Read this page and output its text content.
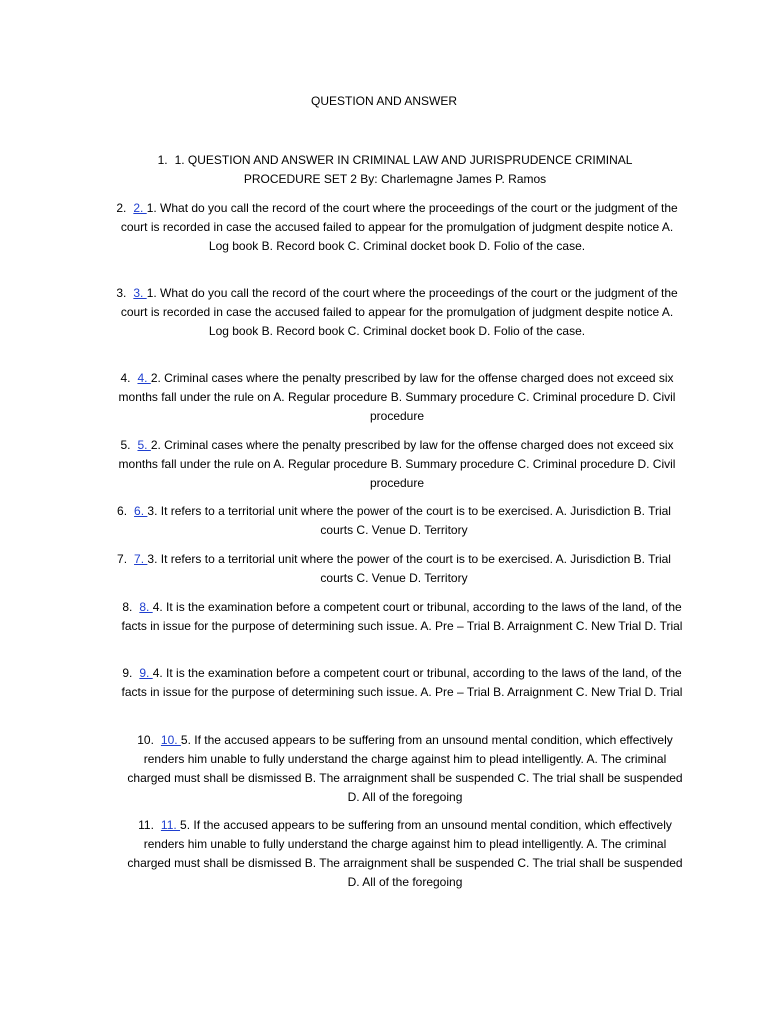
QUESTION AND ANSWER
1. 1. QUESTION AND ANSWER IN CRIMINAL LAW AND JURISPRUDENCE CRIMINAL PROCEDURE SET 2 By: Charlemagne James P. Ramos
2. 2. 1. What do you call the record of the court where the proceedings of the court or the judgment of the court is recorded in case the accused failed to appear for the promulgation of judgment despite notice A. Log book B. Record book C. Criminal docket book D. Folio of the case.
3. 3. 1. What do you call the record of the court where the proceedings of the court or the judgment of the court is recorded in case the accused failed to appear for the promulgation of judgment despite notice A. Log book B. Record book C. Criminal docket book D. Folio of the case.
4. 4. 2. Criminal cases where the penalty prescribed by law for the offense charged does not exceed six months fall under the rule on A. Regular procedure B. Summary procedure C. Criminal procedure D. Civil procedure
5. 5. 2. Criminal cases where the penalty prescribed by law for the offense charged does not exceed six months fall under the rule on A. Regular procedure B. Summary procedure C. Criminal procedure D. Civil procedure
6. 6. 3. It refers to a territorial unit where the power of the court is to be exercised. A. Jurisdiction B. Trial courts C. Venue D. Territory
7. 7. 3. It refers to a territorial unit where the power of the court is to be exercised. A. Jurisdiction B. Trial courts C. Venue D. Territory
8. 8. 4. It is the examination before a competent court or tribunal, according to the laws of the land, of the facts in issue for the purpose of determining such issue. A. Pre – Trial B. Arraignment C. New Trial D. Trial
9. 9. 4. It is the examination before a competent court or tribunal, according to the laws of the land, of the facts in issue for the purpose of determining such issue. A. Pre – Trial B. Arraignment C. New Trial D. Trial
10. 10. 5. If the accused appears to be suffering from an unsound mental condition, which effectively renders him unable to fully understand the charge against him to plead intelligently. A. The criminal charged must shall be dismissed B. The arraignment shall be suspended C. The trial shall be suspended D. All of the foregoing
11. 11. 5. If the accused appears to be suffering from an unsound mental condition, which effectively renders him unable to fully understand the charge against him to plead intelligently. A. The criminal charged must shall be dismissed B. The arraignment shall be suspended C. The trial shall be suspended D. All of the foregoing
